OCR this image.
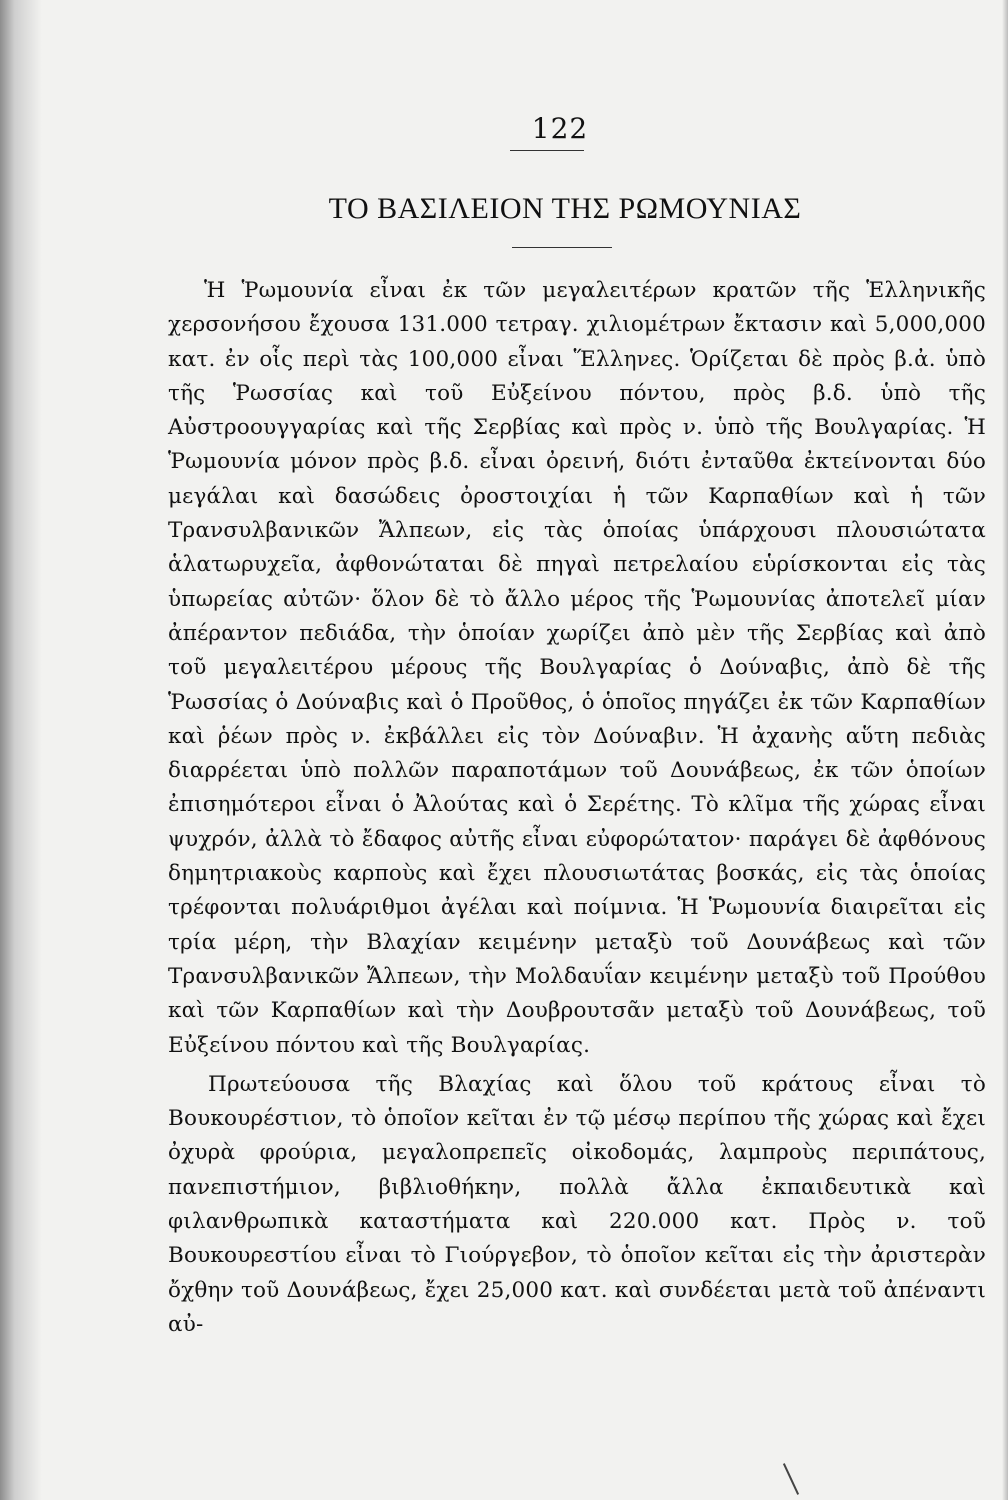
122
ΤΟ ΒΑΣΙΛΕΙΟΝ ΤΗΣ ΡΩΜΟΥΝΙΑΣ

Ἡ Ῥωμουνία εἶναι ἐκ τῶν μεγαλειτέρων κρατῶν τῆς Ἑλληνικῆς χερσονήσου ἔχουσα 131.000 τετραγ. χιλιομέτρων ἔκτασιν καὶ 5,000,000 κατ. ἐν οἷς περὶ τὰς 100,000 εἶναι Ἕλληνες. Ὁρίζεται δὲ πρὸς β.ἀ. ὑπὸ τῆς Ῥωσσίας καὶ τοῦ Εὐξείνου πόντου, πρὸς β.δ. ὑπὸ τῆς Αὐστροουγγαρίας καὶ τῆς Σερβίας καὶ πρὸς ν. ὑπὸ τῆς Βουλγαρίας. Ἡ Ῥωμουνία μόνον πρὸς β.δ. εἶναι ὀρεινή, διότι ἐνταῦθα ἐκτείνονται δύο μεγάλαι καὶ δασώδεις ὀροστοιχίαι ἡ τῶν Καρπαθίων καὶ ἡ τῶν Τρανσυλβανικῶν Ἄλπεων, εἰς τὰς ὁποίας ὑπάρχουσι πλουσιώτατα ἁλατωρυχεῖα, ἀφθονώταται δὲ πηγαὶ πετρελαίου εὑρίσκονται εἰς τὰς ὑπωρείας αὐτῶν· ὅλον δὲ τὸ ἄλλο μέρος τῆς Ῥωμουνίας ἀποτελεῖ μίαν ἀπέραντον πεδιάδα, τὴν ὁποίαν χωρίζει ἀπὸ μὲν τῆς Σερβίας καὶ ἀπὸ τοῦ μεγαλειτέρου μέρους τῆς Βουλγαρίας ὁ Δούναβις, ἀπὸ δὲ τῆς Ῥωσσίας ὁ Δούναβις καὶ ὁ Προῦθος, ὁ ὁποῖος πηγάζει ἐκ τῶν Καρπαθίων καὶ ῥέων πρὸς ν. ἐκβάλλει εἰς τὸν Δούναβιν. Ἡ ἀχανὴς αὕτη πεδιὰς διαρρέεται ὑπὸ πολλῶν παραποτάμων τοῦ Δουνάβεως, ἐκ τῶν ὁποίων ἐπισημότεροι εἶναι ὁ Ἀλούτας καὶ ὁ Σερέτης. Τὸ κλῖμα τῆς χώρας εἶναι ψυχρόν, ἀλλὰ τὸ ἔδαφος αὐτῆς εἶναι εὐφορώτατον· παράγει δὲ ἀφθόνους δημητριακοὺς καρποὺς καὶ ἔχει πλουσιωτάτας βοσκάς, εἰς τὰς ὁποίας τρέφονται πολυάριθμοι ἀγέλαι καὶ ποίμνια. Ἡ Ῥωμουνία διαιρεῖται εἰς τρία μέρη, τὴν Βλαχίαν κειμένην μεταξὺ τοῦ Δουνάβεως καὶ τῶν Τρανσυλβανικῶν Ἄλπεων, τὴν Μολδαυΐαν κειμένην μεταξὺ τοῦ Προύθου καὶ τῶν Καρπαθίων καὶ τὴν Δουβρουτσᾶν μεταξὺ τοῦ Δουνάβεως, τοῦ Εὐξείνου πόντου καὶ τῆς Βουλγαρίας.

Πρωτεύουσα τῆς Βλαχίας καὶ ὅλου τοῦ κράτους εἶναι τὸ Βουκουρέστιον, τὸ ὁποῖον κεῖται ἐν τῷ μέσῳ περίπου τῆς χώρας καὶ ἔχει ὀχυρὰ φρούρια, μεγαλοπρεπεῖς οἰκοδομάς, λαμπροὺς περιπάτους, πανεπιστήμιον, βιβλιοθήκην, πολλὰ ἄλλα ἐκπαιδευτικὰ καὶ φιλανθρωπικὰ καταστήματα καὶ 220.000 κατ. Πρὸς ν. τοῦ Βουκουρεστίου εἶναι τὸ Γιούργεβον, τὸ ὁποῖον κεῖται εἰς τὴν ἀριστερὰν ὄχθην τοῦ Δουνάβεως, ἔχει 25,000 κατ. καὶ συνδέεται μετὰ τοῦ ἀπέναντι αὐ-
